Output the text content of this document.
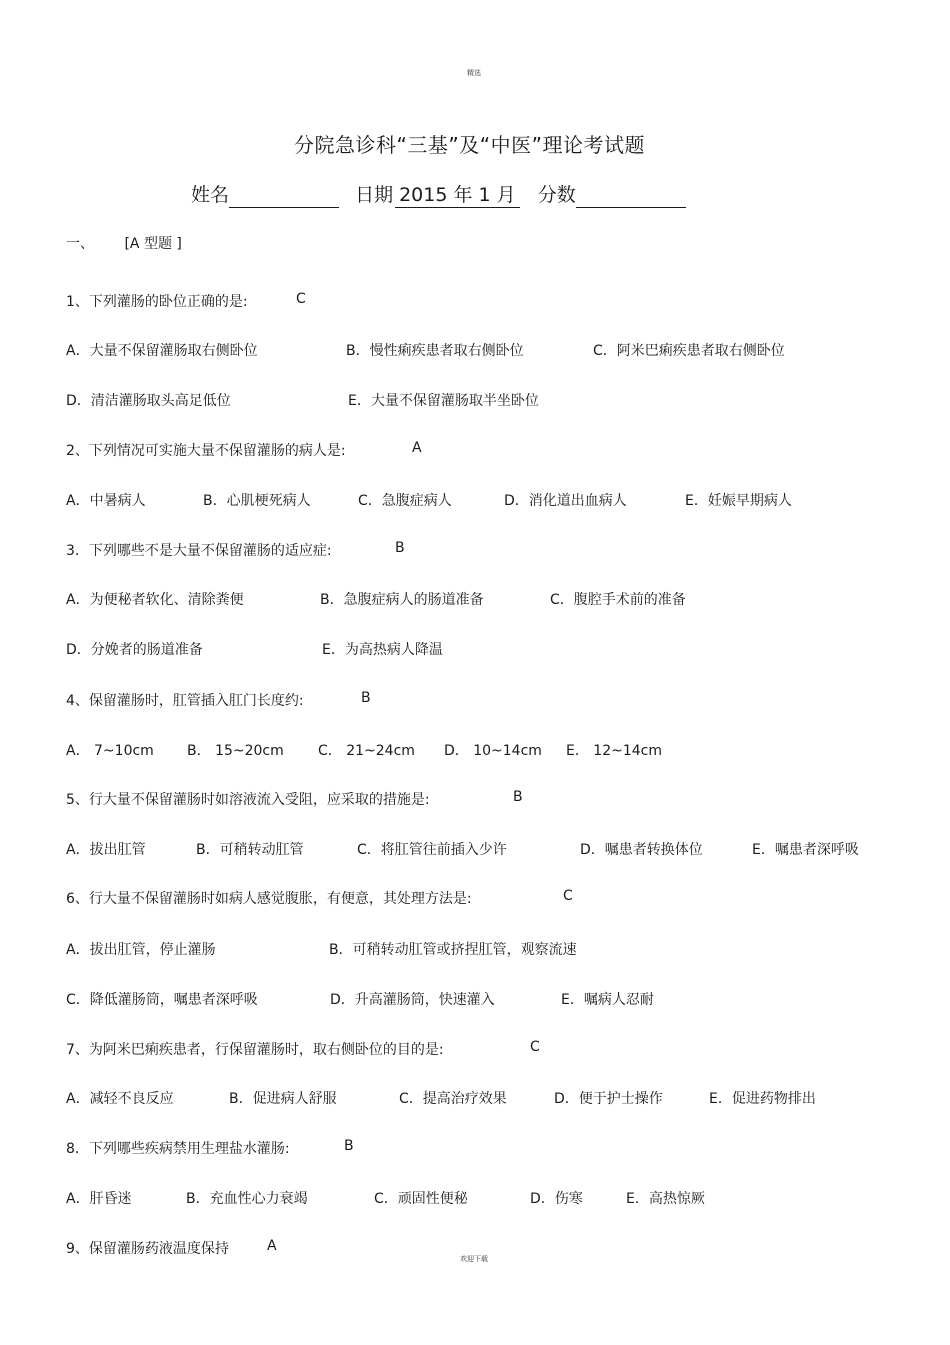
精选
分院急诊科“三基”及“中医”理论考试题
姓名	日期 2015 年 1 月 分数
一、 [A 型题 ]
1、下列灌肠的卧位正确的是:	C
A．大量不保留灌肠取右侧卧位	B．慢性痢疾患者取右侧卧位	C．阿米巴痢疾患者取右侧卧位
D．清洁灌肠取头高足低位	E．大量不保留灌肠取半坐卧位
2、下列情况可实施大量不保留灌肠的病人是:	A
A．中暑病人	B．心肌梗死病人	C．急腹症病人	D．消化道出血病人	E．妊娠早期病人
3．下列哪些不是大量不保留灌肠的适应症:	B
A．为便秘者软化、清除粪便	B．急腹症病人的肠道准备	C．腹腔手术前的准备
D．分娩者的肠道准备	E．为高热病人降温
4、保留灌肠时，肛管插入肛门长度约:	B
A． 7~10cm B． 15~20cm C． 21~24cm D． 10~14cm E． 12~14cm
5、行大量不保留灌肠时如溶液流入受阻，应采取的措施是:	B
A．拔出肛管	B．可稍转动肛管	C．将肛管往前插入少许	D．嘱患者转换体位	E．嘱患者深呼吸
6、行大量不保留灌肠时如病人感觉腹胀，有便意，其处理方法是:	C
A．拔出肛管，停止灌肠	B．可稍转动肛管或挤捏肛管，观察流速
C．降低灌肠筒，嘱患者深呼吸	D．升高灌肠筒，快速灌入	E．嘱病人忍耐
7、为阿米巴痢疾患者，行保留灌肠时，取右侧卧位的目的是:	C
A．减轻不良反应	B．促进病人舒服	C．提高治疗效果	D．便于护士操作	E．促进药物排出
8．下列哪些疾病禁用生理盐水灌肠:	B
A．肝昏迷	B．充血性心力衰竭	C．顽固性便秘	D．伤寒	E．高热惊厥
9、保留灌肠药液温度保持	A
欢迎下载
